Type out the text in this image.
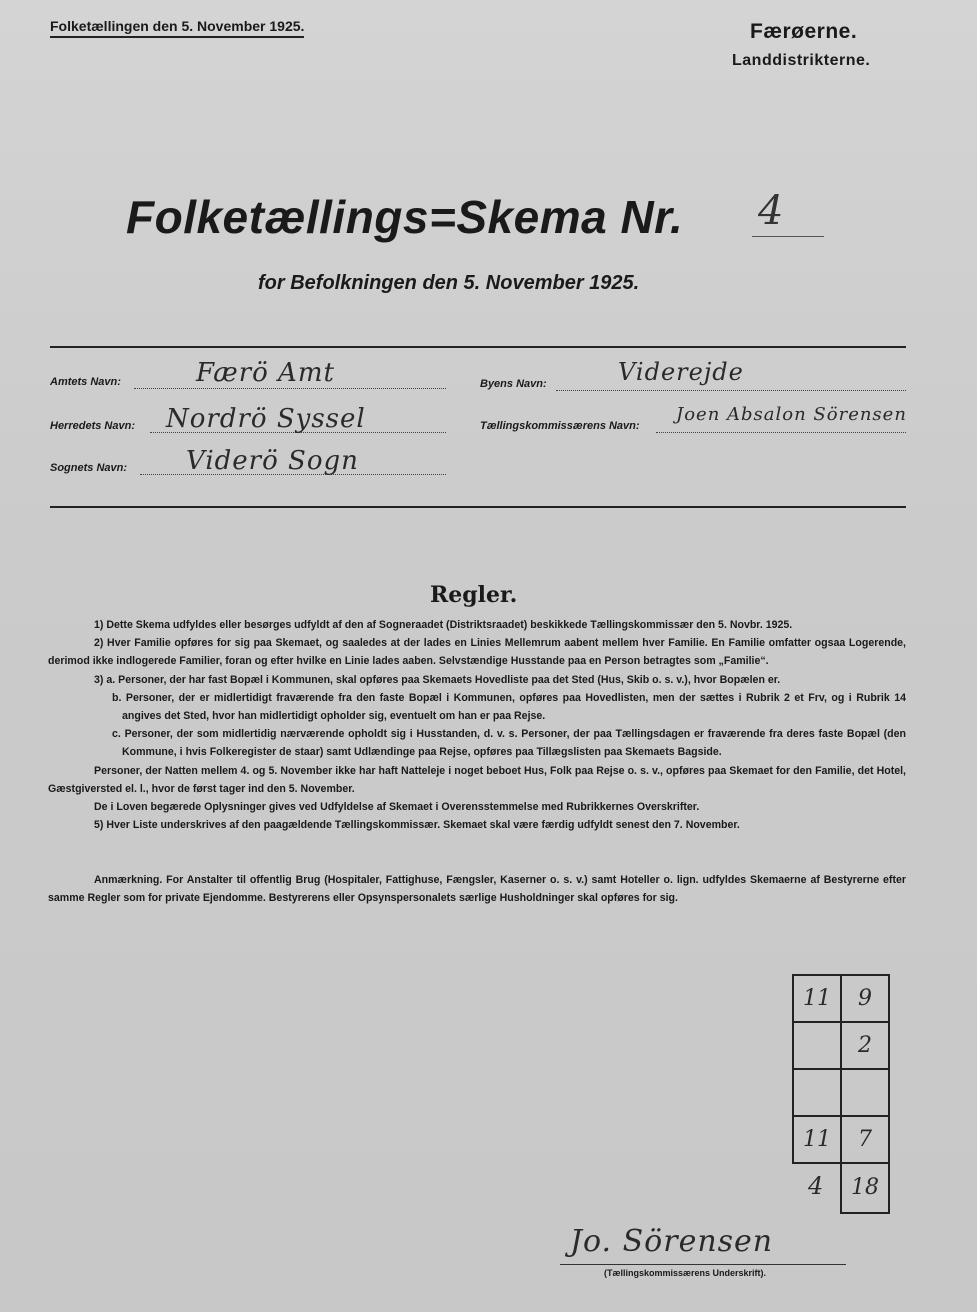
Folketællingen den 5. November 1925.	Færøerne.
Landdistrikterne.
Folketællings=Skema Nr. 4
for Befolkningen den 5. November 1925.
Amtets Navn:	Færö Amt
Herredets Navn: Nordrö Syssel
Sognets Navn: Viderö Sogn
Byens Navn:	Viderejde
Tællingskommissærens Navn:
Joen Absalon Sörensen
Regler.

1) Dette Skema udfyldes eller besørges udfyldt af den af Sogneraadet (Distriktsraadet) beskikkede Tællingskommissær den 5. Novbr. 1925.

2) Hver Familie opføres for sig paa Skemaet, og saaledes at der lades en Linies Mellemrum aabent mellem hver Familie. En Familie omfatter ogsaa Logerende, derimod ikke indlogerede Familier, foran og efter hvilke en Linie lades aaben. Selvstændige Husstande paa en Person betragtes som „Familie“.

3) a. Personer, der har fast Bopæl i Kommunen, skal opføres paa Skemaets Hovedliste paa det Sted (Hus, Skib o. s. v.), hvor Bopælen er.

b. Personer, der er midlertidigt fraværende fra den faste Bopæl i Kommunen, opføres paa Hovedlisten, men der sættes i Rubrik 2 et Frv, og i Rubrik 14 angives det Sted, hvor han midlertidigt opholder sig, eventuelt om han er paa Rejse.

c. Personer, der som midlertidig nærværende opholdt sig i Husstanden, d. v. s. Personer, der paa Tællingsdagen er fraværende fra deres faste Bopæl (den Kommune, i hvis Folkeregister de staar) samt Udlændinge paa Rejse, opføres paa Tillægslisten paa Skemaets Bagside.

Personer, der Natten mellem 4. og 5. November ikke har haft Natteleje i noget beboet Hus, Folk paa Rejse o. s. v., opføres paa Skemaet for den Familie, det Hotel, Gæstgiversted el. l., hvor de først tager ind den 5. November.

De i Loven begærede Oplysninger gives ved Udfyldelse af Skemaet i Overensstemmelse med Rubrikkernes Overskrifter.

5) Hver Liste underskrives af den paagældende Tællingskommissær. Skemaet skal være færdig udfyldt senest den 7. November.

Anmærkning. For Anstalter til offentlig Brug (Hospitaler, Fattighuse, Fængsler, Kaserner o. s. v.) samt Hoteller o. lign. udfyldes Skemaerne af Bestyrerne efter samme Regler som for private Ejendomme. Bestyrerens eller Opsynspersonalets særlige Husholdninger skal opføres for sig.

11	9
	2

11	7
4	18
Jo. Sörensen
(Tællingskommissærens Underskrift).
